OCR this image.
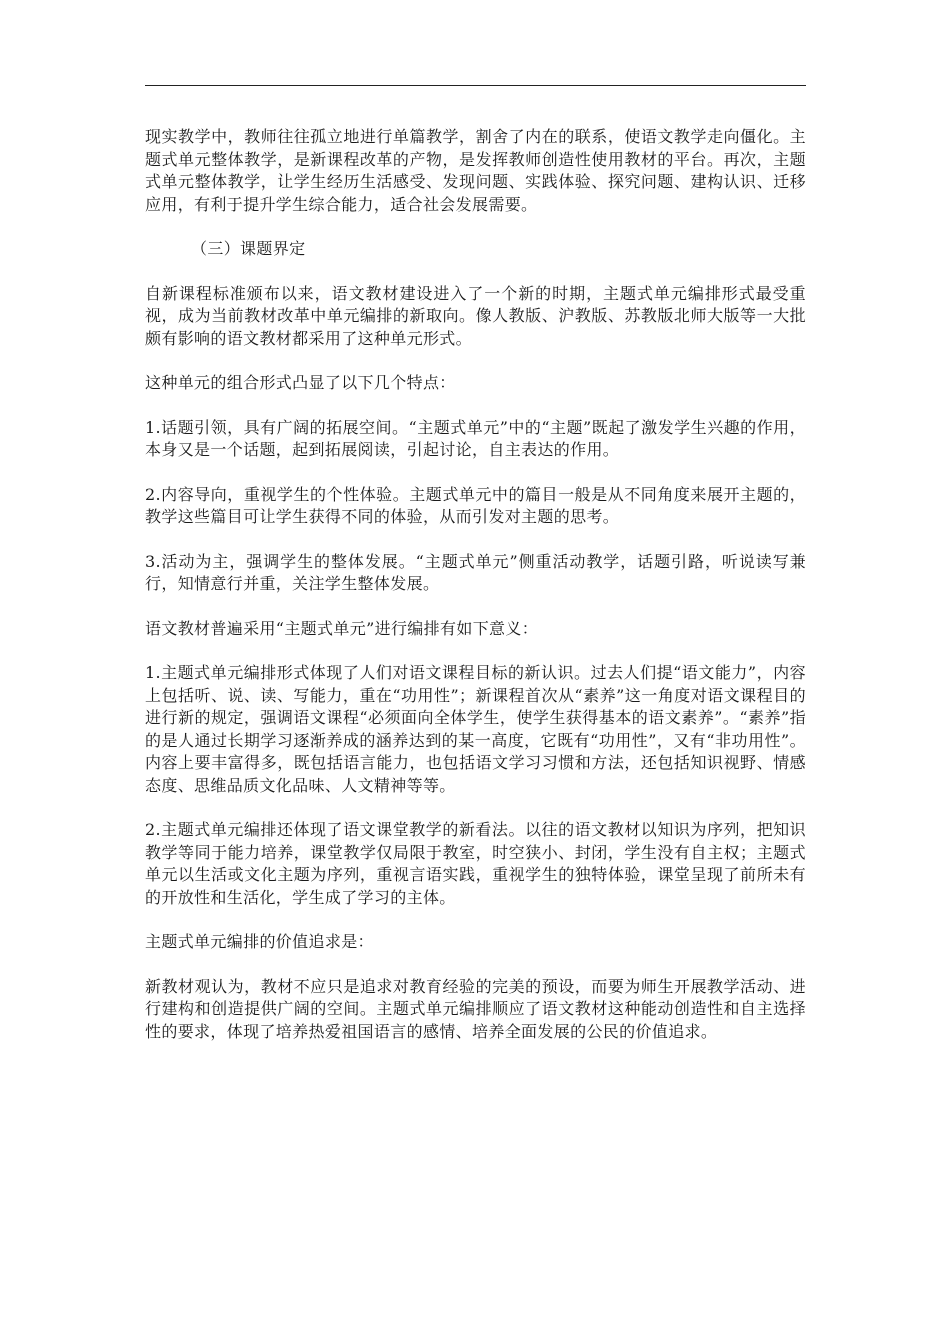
现实教学中，教师往往孤立地进行单篇教学，割舍了内在的联系，使语文教学走向僵化。主题式单元整体教学，是新课程改革的产物，是发挥教师创造性使用教材的平台。再次，主题式单元整体教学，让学生经历生活感受、发现问题、实践体验、探究问题、建构认识、迁移应用，有利于提升学生综合能力，适合社会发展需要。

（三）课题界定

自新课程标准颁布以来，语文教材建设进入了一个新的时期，主题式单元编排形式最受重视，成为当前教材改革中单元编排的新取向。像人教版、沪教版、苏教版北师大版等一大批颇有影响的语文教材都采用了这种单元形式。

这种单元的组合形式凸显了以下几个特点：

1.话题引领，具有广阔的拓展空间。“主题式单元”中的“主题”既起了激发学生兴趣的作用，本身又是一个话题，起到拓展阅读，引起讨论，自主表达的作用。

2.内容导向，重视学生的个性体验。主题式单元中的篇目一般是从不同角度来展开主题的，教学这些篇目可让学生获得不同的体验，从而引发对主题的思考。

3.活动为主，强调学生的整体发展。“主题式单元”侧重活动教学，话题引路，听说读写兼行，知情意行并重，关注学生整体发展。

语文教材普遍采用“主题式单元”进行编排有如下意义：

1.主题式单元编排形式体现了人们对语文课程目标的新认识。过去人们提“语文能力”，内容上包括听、说、读、写能力，重在“功用性”；新课程首次从“素养”这一角度对语文课程目的进行新的规定，强调语文课程“必须面向全体学生，使学生获得基本的语文素养”。“素养”指的是人通过长期学习逐渐养成的涵养达到的某一高度，它既有“功用性”，又有“非功用性”。内容上要丰富得多，既包括语言能力，也包括语文学习习惯和方法，还包括知识视野、情感态度、思维品质文化品味、人文精神等等。

2.主题式单元编排还体现了语文课堂教学的新看法。以往的语文教材以知识为序列，把知识教学等同于能力培养，课堂教学仅局限于教室，时空狭小、封闭，学生没有自主权；主题式单元以生活或文化主题为序列，重视言语实践，重视学生的独特体验，课堂呈现了前所未有的开放性和生活化，学生成了学习的主体。

主题式单元编排的价值追求是：

新教材观认为，教材不应只是追求对教育经验的完美的预设，而要为师生开展教学活动、进行建构和创造提供广阔的空间。主题式单元编排顺应了语文教材这种能动创造性和自主选择性的要求，体现了培养热爱祖国语言的感情、培养全面发展的公民的价值追求。
